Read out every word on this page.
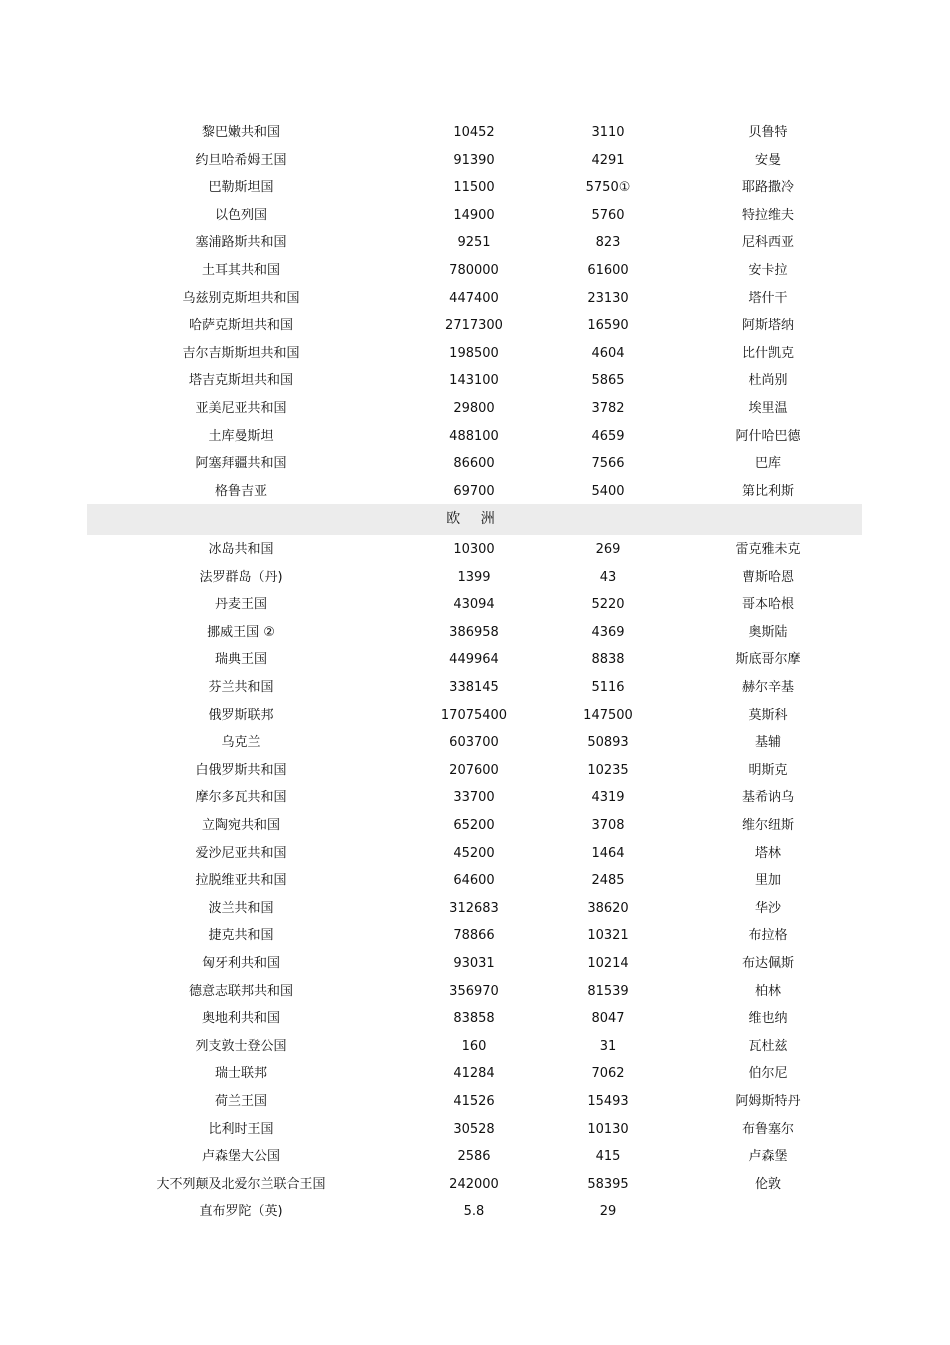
黎巴嫩共和国	10452	3110	贝鲁特
约旦哈希姆王国	91390	4291	安曼
巴勒斯坦国	11500	5750①	耶路撒冷
以色列国	14900	5760	特拉维夫
塞浦路斯共和国	9251	823	尼科西亚
土耳其共和国	780000	61600	安卡拉
乌兹别克斯坦共和国	447400	23130	塔什干
哈萨克斯坦共和国	2717300	16590	阿斯塔纳
吉尔吉斯斯坦共和国	198500	4604	比什凯克
塔吉克斯坦共和国	143100	5865	杜尚别
亚美尼亚共和国	29800	3782	埃里温
土库曼斯坦	488100	4659	阿什哈巴德
阿塞拜疆共和国	86600	7566	巴库
格鲁吉亚	69700	5400	第比利斯
欧 洲
冰岛共和国	10300	269	雷克雅未克
法罗群岛（丹)	1399	43	曹斯哈恩
丹麦王国	43094	5220	哥本哈根
挪威王国 ②	386958	4369	奥斯陆
瑞典王国	449964	8838	斯底哥尔摩
芬兰共和国	338145	5116	赫尔辛基
俄罗斯联邦	17075400	147500	莫斯科
乌克兰	603700	50893	基辅
白俄罗斯共和国	207600	10235	明斯克
摩尔多瓦共和国	33700	4319	基希讷乌
立陶宛共和国	65200	3708	维尔纽斯
爱沙尼亚共和国	45200	1464	塔林
拉脱维亚共和国	64600	2485	里加
波兰共和国	312683	38620	华沙
捷克共和国	78866	10321	布拉格
匈牙利共和国	93031	10214	布达佩斯
德意志联邦共和国	356970	81539	柏林
奥地利共和国	83858	8047	维也纳
列支敦士登公国	160	31	瓦杜兹
瑞士联邦	41284	7062	伯尔尼
荷兰王国	41526	15493	阿姆斯特丹
比利时王国	30528	10130	布鲁塞尔
卢森堡大公国	2586	415	卢森堡
大不列颠及北爱尔兰联合王国	242000	58395	伦敦
直布罗陀（英)	5.8	29
